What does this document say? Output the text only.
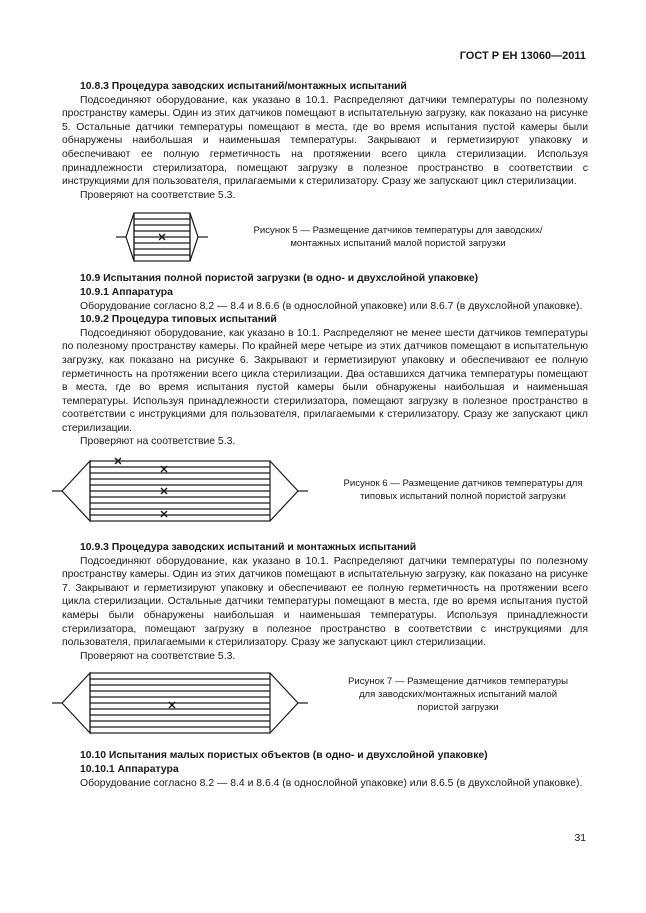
ГОСТ Р ЕН 13060—2011
10.8.3 Процедура заводских испытаний/монтажных испытаний

Подсоединяют оборудование, как указано в 10.1. Распределяют датчики температуры по полезному пространству камеры. Один из этих датчиков помещают в испытательную загрузку, как показано на рисунке 5. Остальные датчики температуры помещают в места, где во время испытания пустой камеры были обнаружены наибольшая и наименьшая температуры. Закрывают и герметизируют упаковку и обеспечивают ее полную герметичность на протяжении всего цикла стерилизации. Используя принадлежности стерилизатора, помещают загрузку в полезное пространство в соответствии с инструкциями для пользователя, прилагаемыми к стерилизатору. Сразу же запускают цикл стерилизации.

Проверяют на соответствие 5.3.

Рисунок 5 — Размещение датчиков температуры для заводских/монтажных испытаний малой пористой загрузки
10.9 Испытания полной пористой загрузки (в одно- и двухслойной упаковке)
10.9.1 Аппаратура

Оборудование согласно 8.2 — 8.4 и 8.6.6 (в однослойной упаковке) или 8.6.7 (в двухслойной упаковке).

10.9.2 Процедура типовых испытаний

Подсоединяют оборудование, как указано в 10.1. Распределяют не менее шести датчиков температуры по полезному пространству камеры. По крайней мере четыре из этих датчиков помещают в испытательную загрузку, как показано на рисунке 6. Закрывают и герметизируют упаковку и обеспечивают ее полную герметичность на протяжении всего цикла стерилизации. Два оставшихся датчика температуры помещают в места, где во время испытания пустой камеры были обнаружены наибольшая и наименьшая температуры. Используя принадлежности стерилизатора, помещают загрузку в полезное пространство в соответствии с инструкциями для пользователя, прилагаемыми к стерилизатору. Сразу же запускают цикл стерилизации.

Проверяют на соответствие 5.3.

Рисунок 6 — Размещение датчиков температуры для типовых испытаний полной пористой загрузки
10.9.3 Процедура заводских испытаний и монтажных испытаний

Подсоединяют оборудование, как указано в 10.1. Распределяют датчики температуры по полезному пространству камеры. Один из этих датчиков помещают в испытательную загрузку, как показано на рисунке 7. Закрывают и герметизируют упаковку и обеспечивают ее полную герметичность на протяжении всего цикла стерилизации. Остальные датчики температуры помещают в места, где во время испытания пустой камеры были обнаружены наибольшая и наименьшая температуры. Используя принадлежности стерилизатора, помещают загрузку в полезное пространство в соответствии с инструкциями для пользователя, прилагаемыми к стерилизатору. Сразу же запускают цикл стерилизации.

Проверяют на соответствие 5.3.

Рисунок 7 — Размещение датчиков температуры для заводских/монтажных испытаний малой пористой загрузки
10.10 Испытания малых пористых объектов (в одно- и двухслойной упаковке)
10.10.1 Аппаратура

Оборудование согласно 8.2 — 8.4 и 8.6.4 (в однослойной упаковке) или 8.6.5 (в двухслойной упаковке).

31
